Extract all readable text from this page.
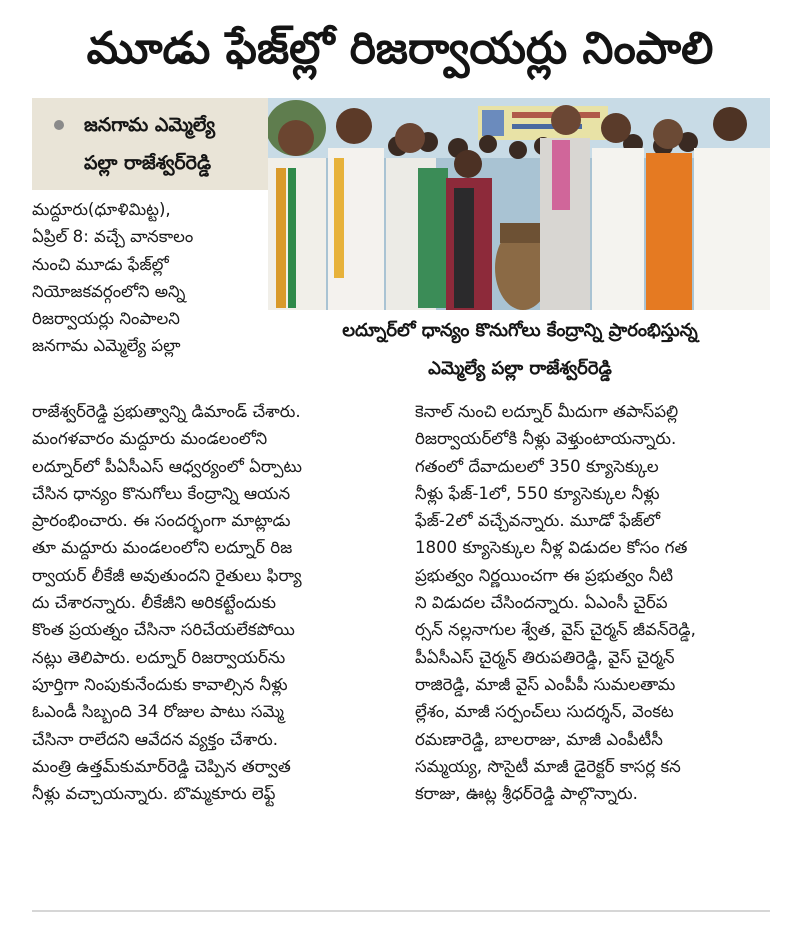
మూడు ఫేజ్‌ల్లో రిజర్వాయర్లు నింపాలి
జనగామ ఎమ్మెల్యే
పల్లా రాజేశ్వర్‌రెడ్డి
లద్నూర్‌లో ధాన్యం కొనుగోలు కేంద్రాన్ని ప్రారంభిస్తున్న
ఎమ్మెల్యే పల్లా రాజేశ్వర్‌రెడ్డి
మద్దూరు(ధూళిమిట్ట),
ఏప్రిల్ 8: వచ్చే వానకాలం
నుంచి మూడు ఫేజ్‌ల్లో
నియోజకవర్గంలోని అన్ని
రిజర్వాయర్లు నింపాలని
జనగామ ఎమ్మెల్యే పల్లా
రాజేశ్వర్‌రెడ్డి ప్రభుత్వాన్ని డిమాండ్ చేశారు.
మంగళవారం మద్దూరు మండలంలోని
లద్నూర్‌లో పీఏసీఎస్ ఆధ్వర్యంలో ఏర్పాటు
చేసిన ధాన్యం కొనుగోలు కేంద్రాన్ని ఆయన
ప్రారంభించారు. ఈ సందర్భంగా మాట్లాడు
తూ మద్దూరు మండలంలోని లద్నూర్ రిజ
ర్వాయర్ లీకేజీ అవుతుందని రైతులు ఫిర్యా
దు చేశారన్నారు. లీకేజీని అరికట్టేందుకు
కొంత ప్రయత్నం చేసినా సరిచేయలేకపోయి
నట్లు తెలిపారు. లద్నూర్ రిజర్వాయర్‌ను
పూర్తిగా నింపుకునేందుకు కావాల్సిన నీళ్లు
ఓఎండీ సిబ్బంది 34 రోజుల పాటు సమ్మె
చేసినా రాలేదని ఆవేదన వ్యక్తం చేశారు.
మంత్రి ఉత్తమ్‌కుమార్‌రెడ్డి చెప్పిన తర్వాత
నీళ్లు వచ్చాయన్నారు. బొమ్మకూరు లెఫ్ట్
కెనాల్ నుంచి లద్నూర్ మీదుగా తపాస్‌పల్లి
రిజర్వాయర్‌లోకి నీళ్లు వెళ్తుంటాయన్నారు.
గతంలో దేవాదులలో 350 క్యూసెక్కుల
నీళ్లు ఫేజ్-1లో, 550 క్యూసెక్కుల నీళ్లు
ఫేజ్-2లో వచ్చేవన్నారు. మూడో ఫేజ్‌లో
1800 క్యూసెక్కుల నీళ్ల విడుదల కోసం గత
ప్రభుత్వం నిర్ణయించగా ఈ ప్రభుత్వం నీటి
ని విడుదల చేసిందన్నారు. ఏఎంసీ చైర్‌ప
ర్సన్ నల్లనాగుల శ్వేత, వైస్ చైర్మన్ జీవన్‌రెడ్డి,
పీఏసీఎస్ చైర్మన్ తిరుపతిరెడ్డి, వైస్ చైర్మన్
రాజిరెడ్డి, మాజీ వైస్ ఎంపీపీ సుమలతామ
ల్లేశం, మాజీ సర్పంచ్‌లు సుదర్శన్, వెంకట
రమణారెడ్డి, బాలరాజు, మాజీ ఎంపీటీసీ
సమ్మయ్య, సొసైటీ మాజీ డైరెక్టర్ కాసర్ల కన
కరాజు, ఊట్ల శ్రీధర్‌రెడ్డి పాల్గొన్నారు.
